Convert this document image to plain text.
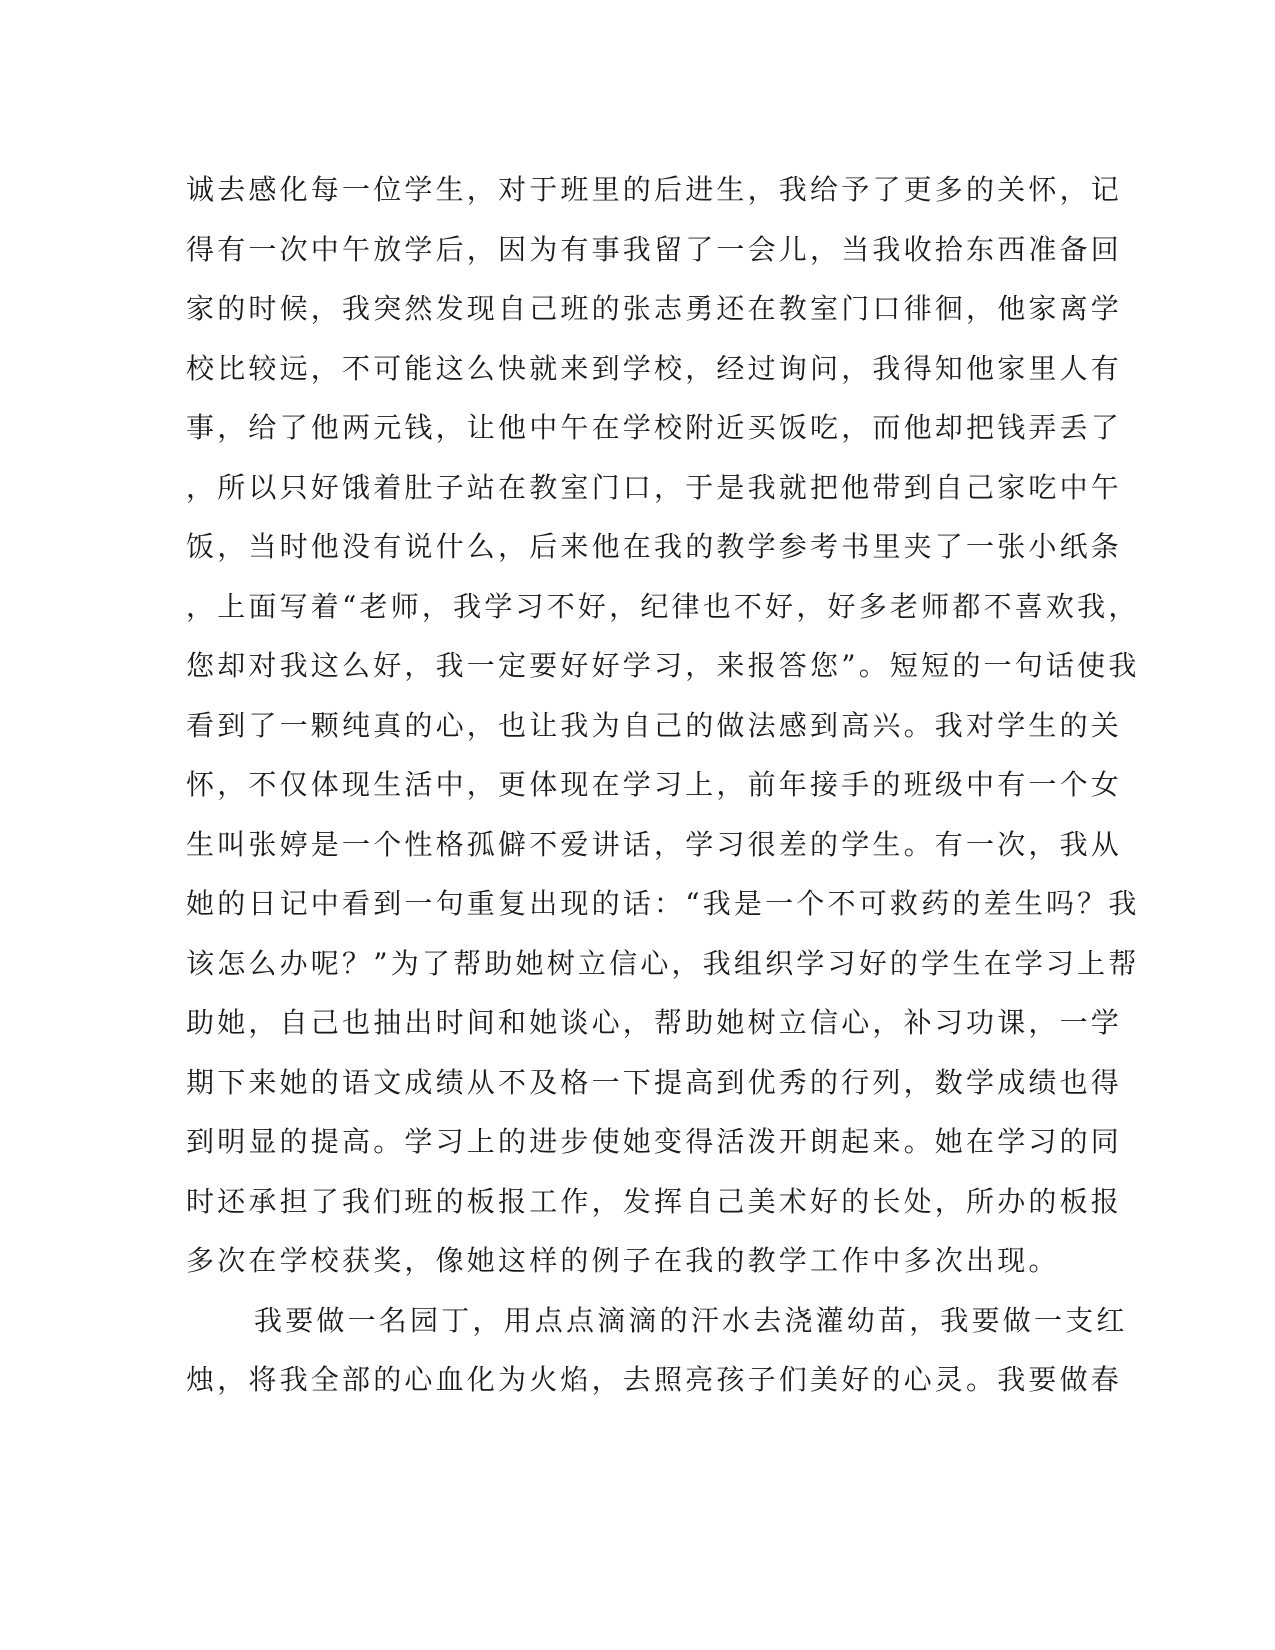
诚去感化每一位学生，对于班里的后进生，我给予了更多的关怀，记
得有一次中午放学后，因为有事我留了一会儿，当我收拾东西准备回
家的时候，我突然发现自己班的张志勇还在教室门口徘徊，他家离学
校比较远，不可能这么快就来到学校，经过询问，我得知他家里人有
事，给了他两元钱，让他中午在学校附近买饭吃，而他却把钱弄丢了
，所以只好饿着肚子站在教室门口，于是我就把他带到自己家吃中午
饭，当时他没有说什么，后来他在我的教学参考书里夹了一张小纸条
，上面写着“老师，我学习不好，纪律也不好，好多老师都不喜欢我，
您却对我这么好，我一定要好好学习，来报答您”。短短的一句话使我
看到了一颗纯真的心，也让我为自己的做法感到高兴。我对学生的关
怀，不仅体现生活中，更体现在学习上，前年接手的班级中有一个女
生叫张婷是一个性格孤僻不爱讲话，学习很差的学生。有一次，我从
她的日记中看到一句重复出现的话：“我是一个不可救药的差生吗？我
该怎么办呢？”为了帮助她树立信心，我组织学习好的学生在学习上帮
助她，自己也抽出时间和她谈心，帮助她树立信心，补习功课，一学
期下来她的语文成绩从不及格一下提高到优秀的行列，数学成绩也得
到明显的提高。学习上的进步使她变得活泼开朗起来。她在学习的同
时还承担了我们班的板报工作，发挥自己美术好的长处，所办的板报
多次在学校获奖，像她这样的例子在我的教学工作中多次出现。
我要做一名园丁，用点点滴滴的汗水去浇灌幼苗，我要做一支红
烛，将我全部的心血化为火焰，去照亮孩子们美好的心灵。我要做春
